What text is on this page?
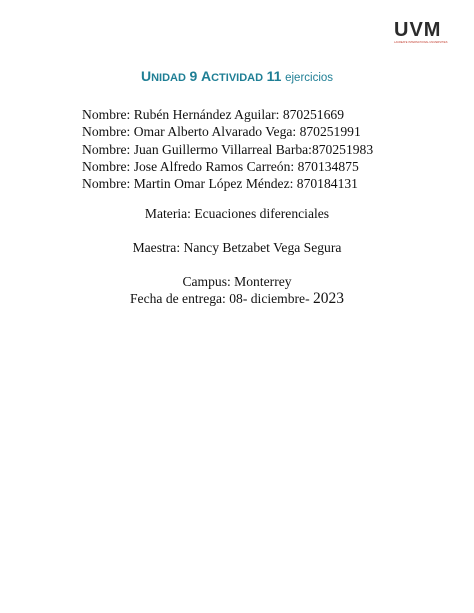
UVM
LAUREATE INTERNATIONAL UNIVERSITIES
UNIDAD 9 ACTIVIDAD 11 ejercicios
Nombre: Rubén Hernández Aguilar: 870251669
Nombre: Omar Alberto Alvarado Vega: 870251991
Nombre: Juan Guillermo Villarreal Barba:870251983
Nombre: Jose Alfredo Ramos Carreón: 870134875
Nombre: Martin Omar López Méndez: 870184131
Materia: Ecuaciones diferenciales
Maestra: Nancy Betzabet Vega Segura
Campus: Monterrey
Fecha de entrega: 08- diciembre- 2023
